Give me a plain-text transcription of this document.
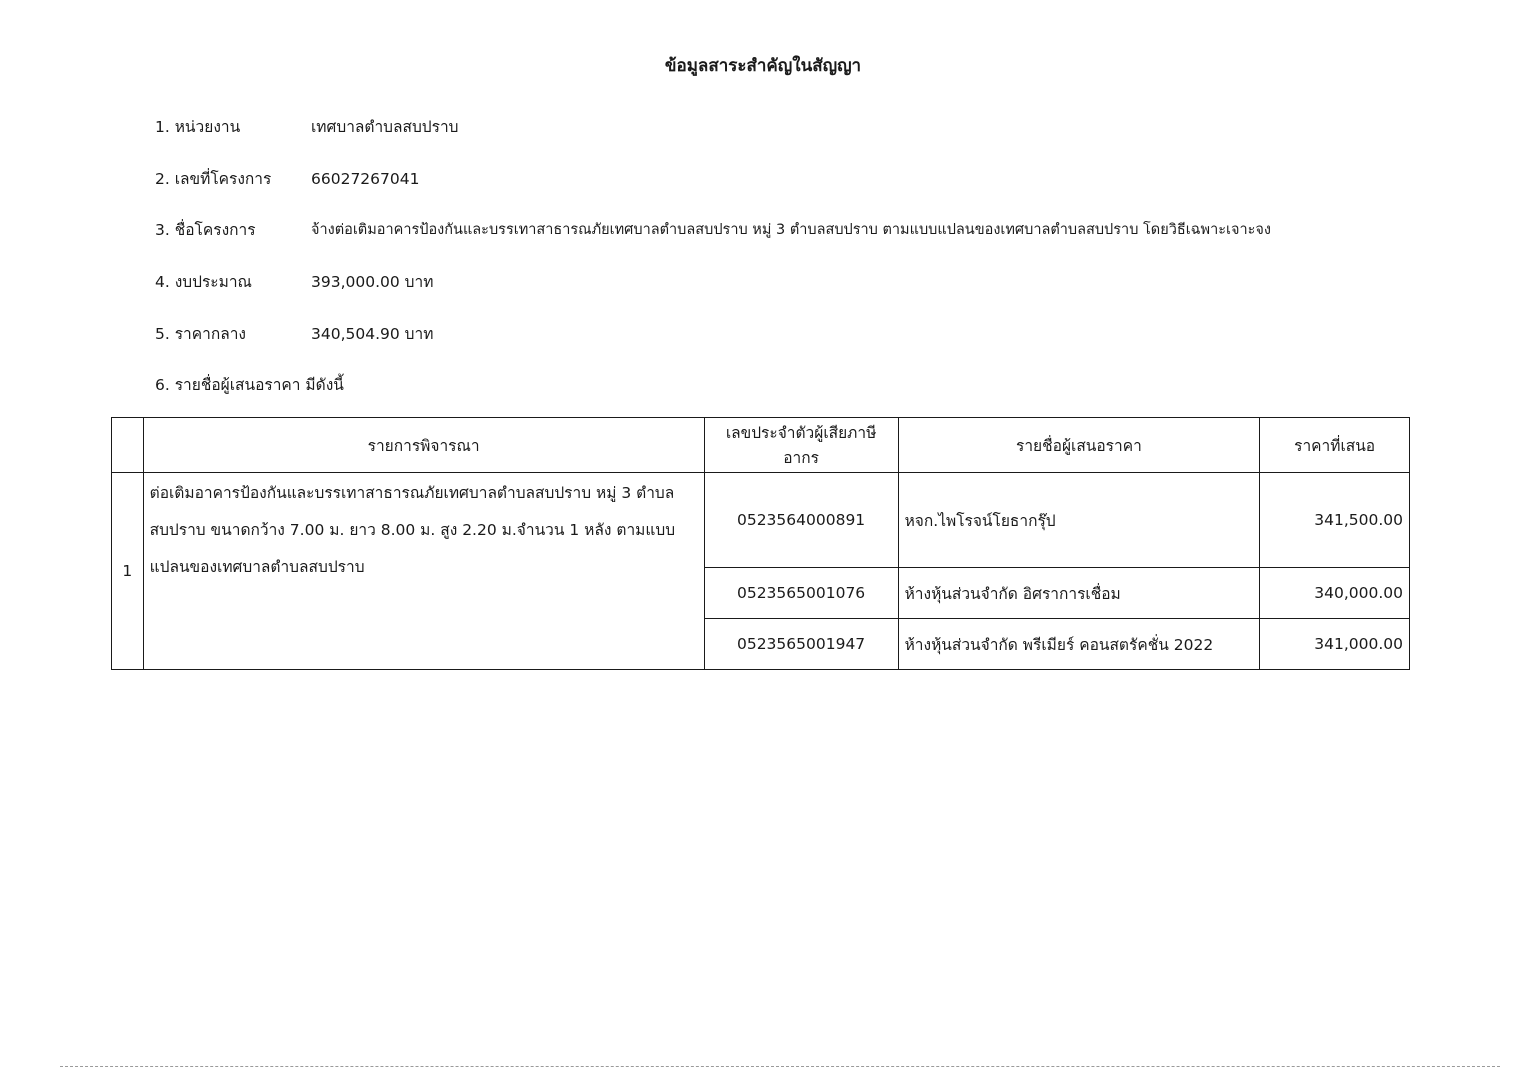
ข้อมูลสาระสำคัญในสัญญา
1. หน่วยงาน	เทศบาลตำบลสบปราบ
2. เลขที่โครงการ	66027267041
3. ชื่อโครงการ	จ้างต่อเติมอาคารป้องกันและบรรเทาสาธารณภัยเทศบาลตำบลสบปราบ หมู่ 3 ตำบลสบปราบ ตามแบบแปลนของเทศบาลตำบลสบปราบ โดยวิธีเฉพาะเจาะจง
4. งบประมาณ	393,000.00 บาท
5. ราคากลาง	340,504.90 บาท
6. รายชื่อผู้เสนอราคา มีดังนี้
	รายการพิจารณา	เลขประจำตัวผู้เสียภาษีอากร	รายชื่อผู้เสนอราคา	ราคาที่เสนอ
1	ต่อเติมอาคารป้องกันและบรรเทาสาธารณภัยเทศบาลตำบลสบปราบ หมู่ 3 ตำบลสบปราบ ขนาดกว้าง 7.00 ม. ยาว 8.00 ม. สูง 2.20 ม.จำนวน 1 หลัง ตามแบบแปลนของเทศบาลตำบลสบปราบ	0523564000891	หจก.ไพโรจน์โยธากรุ๊ป	341,500.00
		0523565001076	ห้างหุ้นส่วนจำกัด อิศราการเชื่อม	340,000.00
		0523565001947	ห้างหุ้นส่วนจำกัด พรีเมียร์ คอนสตรัคชั่น 2022	341,000.00
